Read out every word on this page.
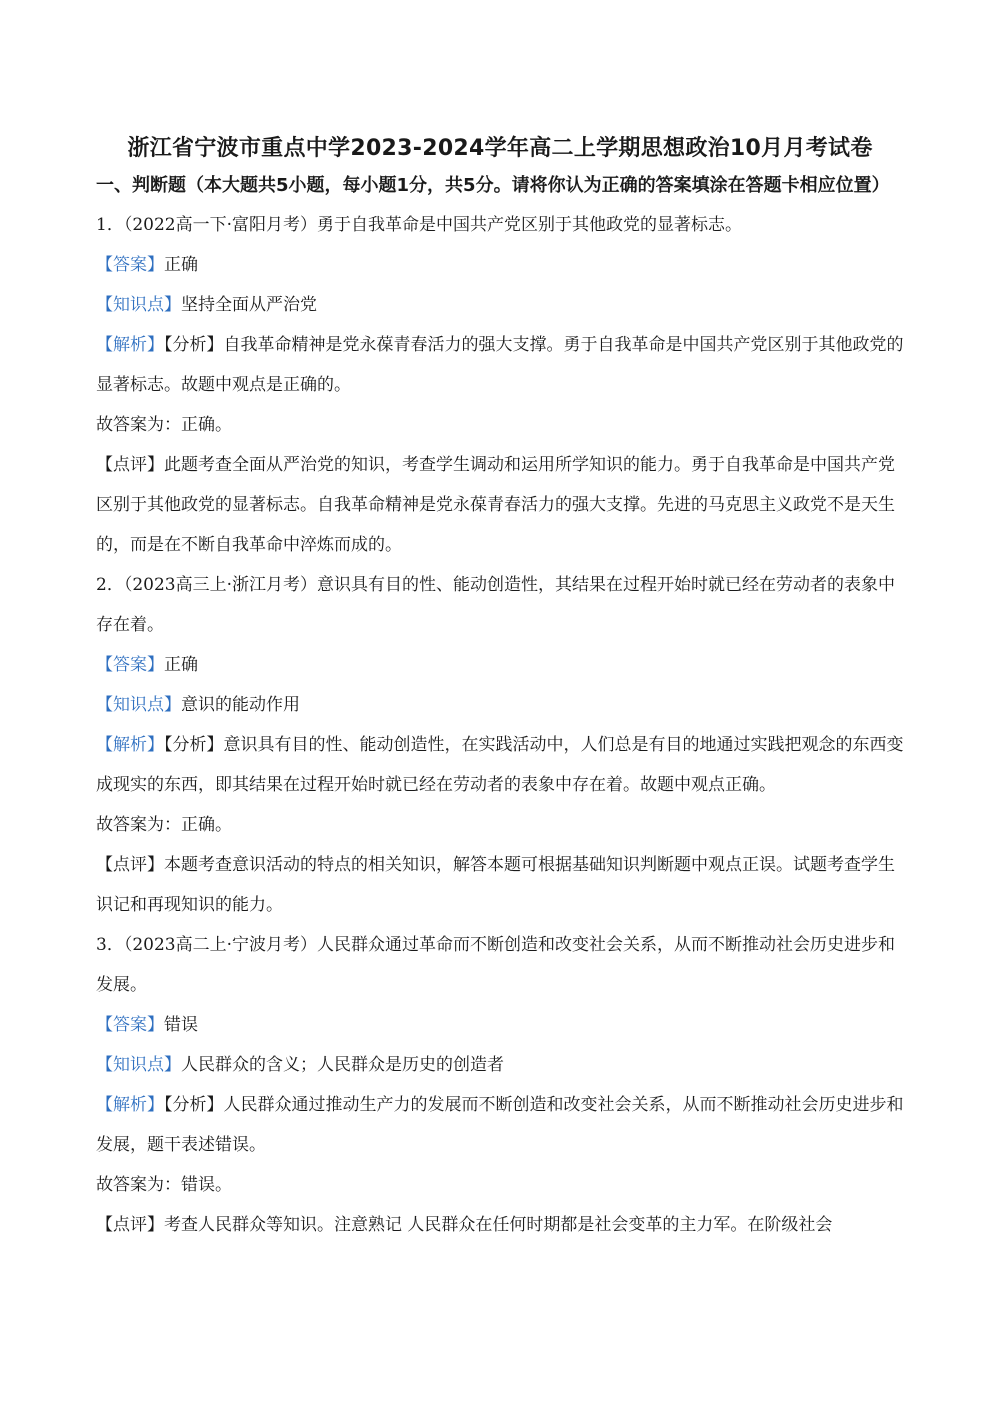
浙江省宁波市重点中学2023-2024学年高二上学期思想政治10月月考试卷
一、判断题（本大题共5小题，每小题1分，共5分。请将你认为正确的答案填涂在答题卡相应位置）

1．（2022高一下·富阳月考）勇于自我革命是中国共产党区别于其他政党的显著标志。

【答案】正确

【知识点】坚持全面从严治党

【解析】【分析】自我革命精神是党永葆青春活力的强大支撑。勇于自我革命是中国共产党区别于其他政党的显著标志。故题中观点是正确的。

故答案为：正确。

【点评】此题考查全面从严治党的知识，考查学生调动和运用所学知识的能力。勇于自我革命是中国共产党区别于其他政党的显著标志。自我革命精神是党永葆青春活力的强大支撑。先进的马克思主义政党不是天生的，而是在不断自我革命中淬炼而成的。

2．（2023高三上·浙江月考）意识具有目的性、能动创造性，其结果在过程开始时就已经在劳动者的表象中存在着。

【答案】正确

【知识点】意识的能动作用

【解析】【分析】意识具有目的性、能动创造性，在实践活动中，人们总是有目的地通过实践把观念的东西变成现实的东西，即其结果在过程开始时就已经在劳动者的表象中存在着。故题中观点正确。

故答案为：正确。

【点评】本题考查意识活动的特点的相关知识，解答本题可根据基础知识判断题中观点正误。试题考查学生识记和再现知识的能力。

3．（2023高二上·宁波月考）人民群众通过革命而不断创造和改变社会关系，从而不断推动社会历史进步和发展。

【答案】错误

【知识点】人民群众的含义；人民群众是历史的创造者

【解析】【分析】人民群众通过推动生产力的发展而不断创造和改变社会关系，从而不断推动社会历史进步和发展，题干表述错误。

故答案为：错误。

【点评】考查人民群众等知识。注意熟记 人民群众在任何时期都是社会变革的主力军。在阶级社会
